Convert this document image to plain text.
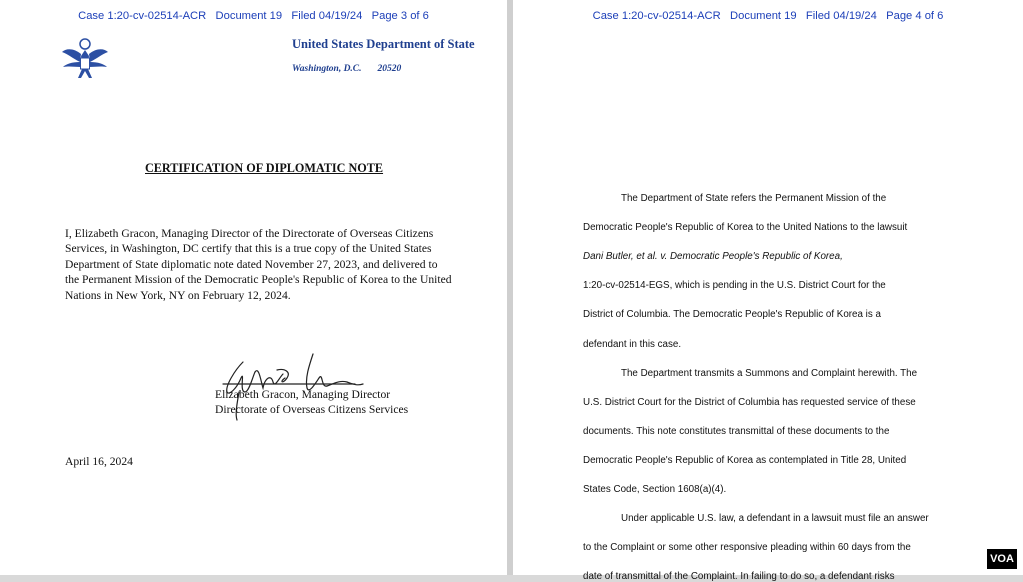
Case 1:20-cv-02514-ACR   Document 19   Filed 04/19/24   Page 3 of 6
United States Department of State
Washington, D.C. 20520
CERTIFICATION OF DIPLOMATIC NOTE
I, Elizabeth Gracon, Managing Director of the Directorate of Overseas Citizens
Services, in Washington, DC certify that this is a true copy of the United States
Department of State diplomatic note dated November 27, 2023, and delivered to
the Permanent Mission of the Democratic People's Republic of Korea to the United
Nations in New York, NY on February 12, 2024.
Elizabeth Gracon, Managing Director
Directorate of Overseas Citizens Services
April 16, 2024
Case 1:20-cv-02514-ACR   Document 19   Filed 04/19/24   Page 4 of 6
The Department of State refers the Permanent Mission of the
Democratic People's Republic of Korea to the United Nations to the lawsuit
Dani Butler, et al. v. Democratic People's Republic of Korea,
1:20-cv-02514-EGS, which is pending in the U.S. District Court for the
District of Columbia. The Democratic People's Republic of Korea is a
defendant in this case.
The Department transmits a Summons and Complaint herewith. The
U.S. District Court for the District of Columbia has requested service of these
documents. This note constitutes transmittal of these documents to the
Democratic People's Republic of Korea as contemplated in Title 28, United
States Code, Section 1608(a)(4).
Under applicable U.S. law, a defendant in a lawsuit must file an answer
to the Complaint or some other responsive pleading within 60 days from the
date of transmittal of the Complaint. In failing to do so, a defendant risks
VOA
